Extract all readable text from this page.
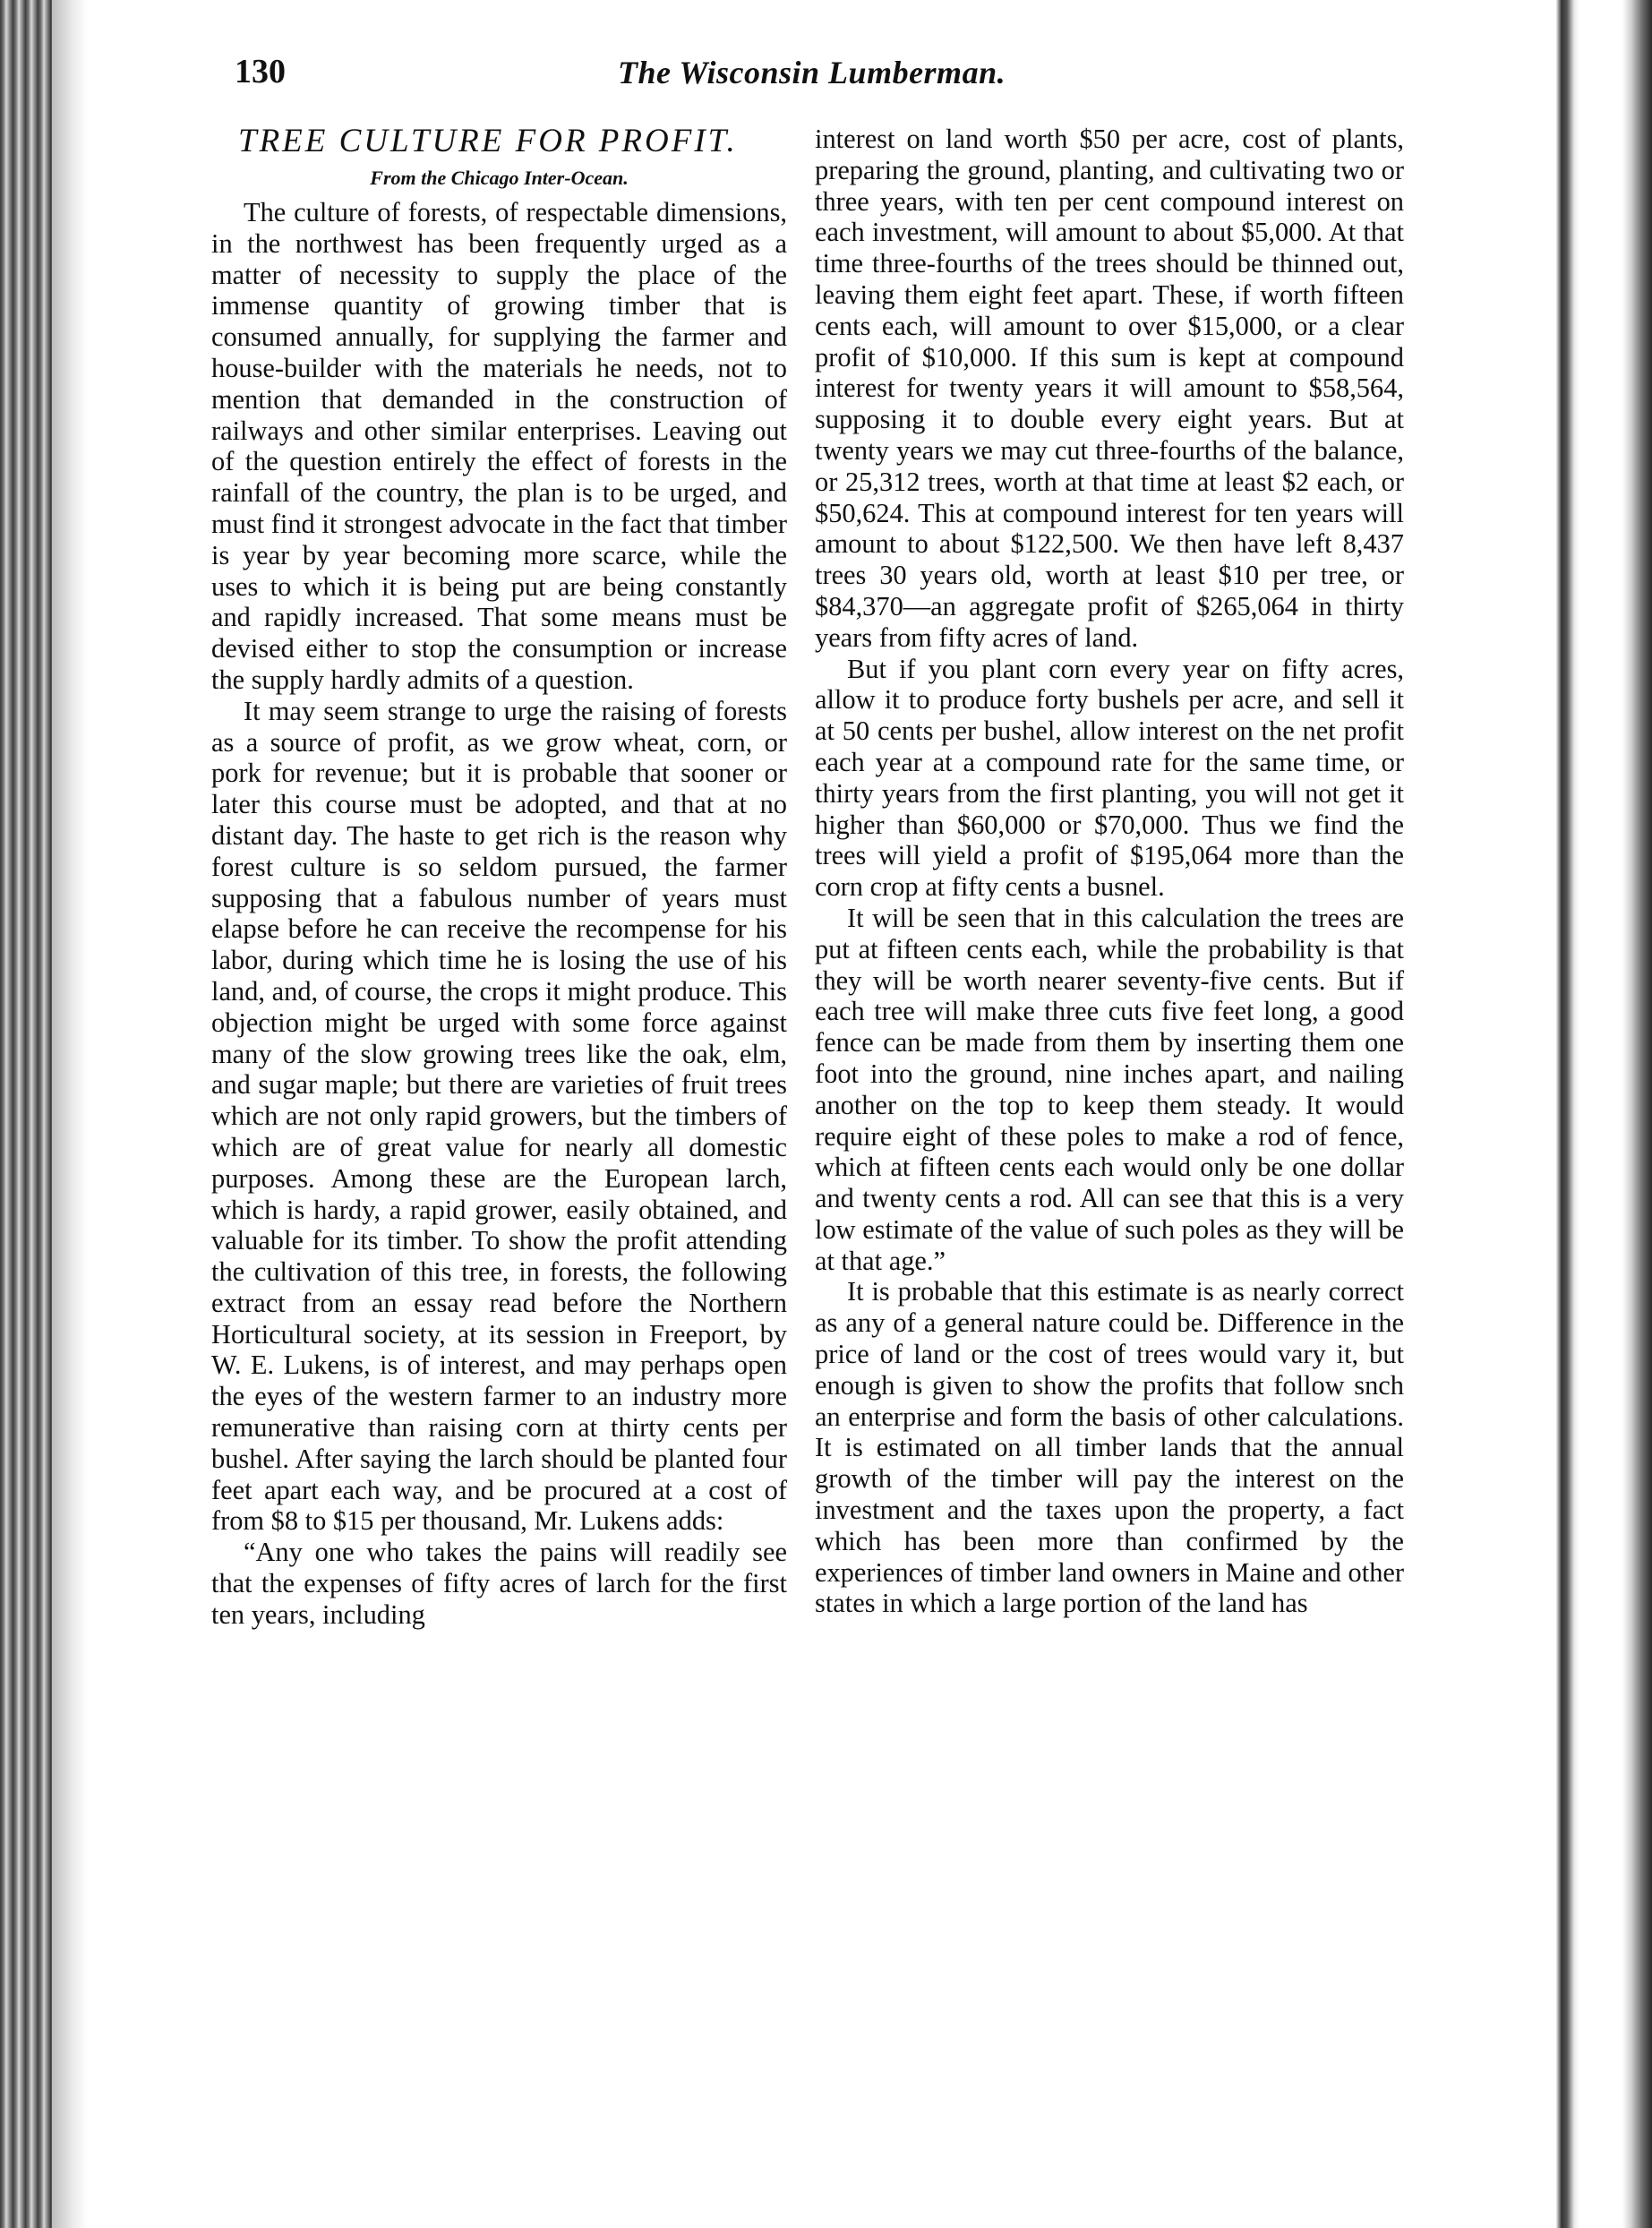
130	The Wisconsin Lumberman.
TREE CULTURE FOR PROFIT.
From the Chicago Inter-Ocean.

The culture of forests, of respectable dimensions, in the northwest has been frequently urged as a matter of necessity to supply the place of the immense quantity of growing timber that is consumed annually, for supplying the farmer and house-builder with the materials he needs, not to mention that demanded in the construction of railways and other similar enterprises. Leaving out of the question entirely the effect of forests in the rainfall of the country, the plan is to be urged, and must find it strongest advocate in the fact that timber is year by year becoming more scarce, while the uses to which it is being put are being constantly and rapidly increased. That some means must be devised either to stop the consumption or increase the supply hardly admits of a question.

It may seem strange to urge the raising of forests as a source of profit, as we grow wheat, corn, or pork for revenue; but it is probable that sooner or later this course must be adopted, and that at no distant day. The haste to get rich is the reason why forest culture is so seldom pursued, the farmer supposing that a fabulous number of years must elapse before he can receive the recompense for his labor, during which time he is losing the use of his land, and, of course, the crops it might produce. This objection might be urged with some force against many of the slow growing trees like the oak, elm, and sugar maple; but there are varieties of fruit trees which are not only rapid growers, but the timbers of which are of great value for nearly all domestic purposes. Among these are the European larch, which is hardy, a rapid grower, easily obtained, and valuable for its timber. To show the profit attending the cultivation of this tree, in forests, the following extract from an essay read before the Northern Horticultural society, at its session in Freeport, by W. E. Lukens, is of interest, and may perhaps open the eyes of the western farmer to an industry more remunerative than raising corn at thirty cents per bushel. After saying the larch should be planted four feet apart each way, and be procured at a cost of from $8 to $15 per thousand, Mr. Lukens adds:

“Any one who takes the pains will readily see that the expenses of fifty acres of larch for the first ten years, including

interest on land worth $50 per acre, cost of plants, preparing the ground, planting, and cultivating two or three years, with ten per cent compound interest on each investment, will amount to about $5,000. At that time three-fourths of the trees should be thinned out, leaving them eight feet apart. These, if worth fifteen cents each, will amount to over $15,000, or a clear profit of $10,000. If this sum is kept at compound interest for twenty years it will amount to $58,564, supposing it to double every eight years. But at twenty years we may cut three-fourths of the balance, or 25,312 trees, worth at that time at least $2 each, or $50,624. This at compound interest for ten years will amount to about $122,500. We then have left 8,437 trees 30 years old, worth at least $10 per tree, or $84,370—an aggregate profit of $265,064 in thirty years from fifty acres of land.

But if you plant corn every year on fifty acres, allow it to produce forty bushels per acre, and sell it at 50 cents per bushel, allow interest on the net profit each year at a compound rate for the same time, or thirty years from the first planting, you will not get it higher than $60,000 or $70,000. Thus we find the trees will yield a profit of $195,064 more than the corn crop at fifty cents a busnel.

It will be seen that in this calculation the trees are put at fifteen cents each, while the probability is that they will be worth nearer seventy-five cents. But if each tree will make three cuts five feet long, a good fence can be made from them by inserting them one foot into the ground, nine inches apart, and nailing another on the top to keep them steady. It would require eight of these poles to make a rod of fence, which at fifteen cents each would only be one dollar and twenty cents a rod. All can see that this is a very low estimate of the value of such poles as they will be at that age.”

It is probable that this estimate is as nearly correct as any of a general nature could be. Difference in the price of land or the cost of trees would vary it, but enough is given to show the profits that follow snch an enterprise and form the basis of other calculations. It is estimated on all timber lands that the annual growth of the timber will pay the interest on the investment and the taxes upon the property, a fact which has been more than confirmed by the experiences of timber land owners in Maine and other states in which a large portion of the land has
